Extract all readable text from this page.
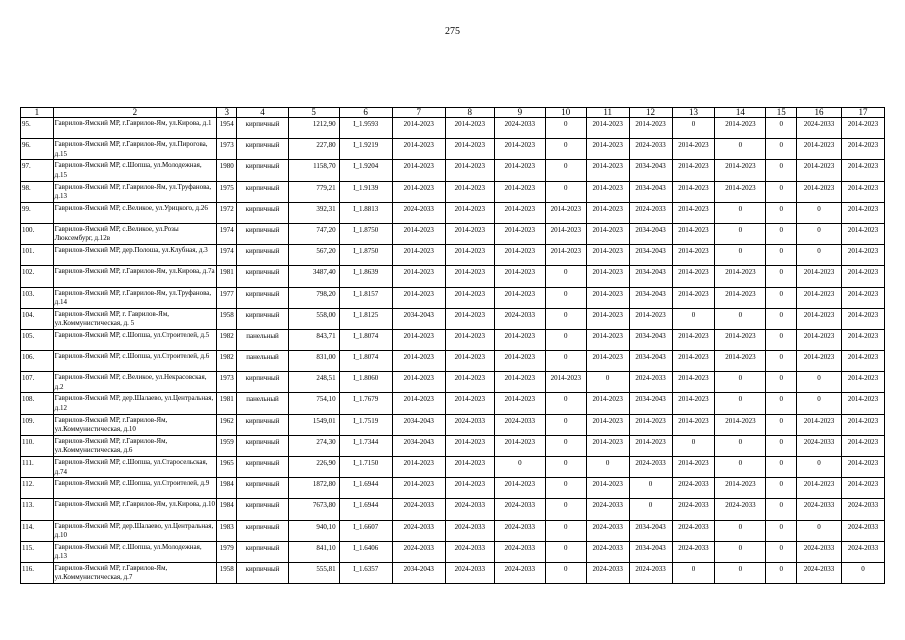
275
1	2	3	4	5	6	7	8	9	10	11	12	13	14	15	16	17
95.	Гаврилов-Ямский МР, г.Гаврилов-Ям, ул.Кирова, д.1	1954	кирпичный	1212,90	I_1.9593	2014-2023	2014-2023	2024-2033	0	2014-2023	2014-2023	0	2014-2023	0	2024-2033	2014-2023
96.	Гаврилов-Ямский МР, г.Гаврилов-Ям, ул.Пирогова, д.15	1973	кирпичный	227,80	I_1.9219	2014-2023	2014-2023	2014-2023	0	2014-2023	2024-2033	2014-2023	0	0	2014-2023	2014-2023
97.	Гаврилов-Ямский МР, с.Шопша, ул.Молодежная, д.15	1980	кирпичный	1158,70	I_1.9204	2014-2023	2014-2023	2014-2023	0	2014-2023	2034-2043	2014-2023	2014-2023	0	2014-2023	2014-2023
98.	Гаврилов-Ямский МР, г.Гаврилов-Ям, ул.Труфанова, д.13	1975	кирпичный	779,21	I_1.9139	2014-2023	2014-2023	2014-2023	0	2014-2023	2034-2043	2014-2023	2014-2023	0	2014-2023	2014-2023
99.	Гаврилов-Ямский МР, с.Великое, ул.Урицкого, д.26	1972	кирпичный	392,31	I_1.8813	2024-2033	2014-2023	2014-2023	2014-2023	2014-2023	2024-2033	2014-2023	0	0	0	2014-2023
100.	Гаврилов-Ямский МР, с.Великое, ул.Розы Люксембург, д.12в	1974	кирпичный	747,20	I_1.8750	2014-2023	2014-2023	2014-2023	2014-2023	2014-2023	2034-2043	2014-2023	0	0	0	2014-2023
101.	Гаврилов-Ямский МР, дер.Полоша, ул.Клубная, д.3	1974	кирпичный	567,20	I_1.8750	2014-2023	2014-2023	2014-2023	2014-2023	2014-2023	2034-2043	2014-2023	0	0	0	2014-2023
102.	Гаврилов-Ямский МР, г.Гаврилов-Ям, ул.Кирова, д.7а	1981	кирпичный	3487,40	I_1.8639	2014-2023	2014-2023	2014-2023	0	2014-2023	2034-2043	2014-2023	2014-2023	0	2014-2023	2014-2023
103.	Гаврилов-Ямский МР, г.Гаврилов-Ям, ул.Труфанова, д.14	1977	кирпичный	798,20	I_1.8157	2014-2023	2014-2023	2014-2023	0	2014-2023	2034-2043	2014-2023	2014-2023	0	2014-2023	2014-2023
104.	Гаврилов-Ямский МР, г. Гаврилов-Ям, ул.Коммунистическая, д. 5	1958	кирпичный	558,00	I_1.8125	2034-2043	2014-2023	2024-2033	0	2014-2023	2014-2023	0	0	0	2014-2023	2014-2023
105.	Гаврилов-Ямский МР, с.Шопша, ул.Строителей, д.5	1982	панельный	843,71	I_1.8074	2014-2023	2014-2023	2014-2023	0	2014-2023	2034-2043	2014-2023	2014-2023	0	2014-2023	2014-2023
106.	Гаврилов-Ямский МР, с.Шопша, ул.Строителей, д.6	1982	панельный	831,00	I_1.8074	2014-2023	2014-2023	2014-2023	0	2014-2023	2034-2043	2014-2023	2014-2023	0	2014-2023	2014-2023
107.	Гаврилов-Ямский МР, с.Великое, ул.Некрасовская, д.2	1973	кирпичный	248,51	I_1.8060	2014-2023	2014-2023	2014-2023	2014-2023	0	2024-2033	2014-2023	0	0	0	2014-2023
108.	Гаврилов-Ямский МР, дер.Шалаево, ул.Центральная, д.12	1981	панельный	754,10	I_1.7679	2014-2023	2014-2023	2014-2023	0	2014-2023	2034-2043	2014-2023	0	0	0	2014-2023
109.	Гаврилов-Ямский МР, г.Гаврилов-Ям, ул.Коммунистическая, д.10	1962	кирпичный	1549,01	I_1.7519	2034-2043	2024-2033	2024-2033	0	2014-2023	2014-2023	2014-2023	2014-2023	0	2014-2023	2014-2023
110.	Гаврилов-Ямский МР, г.Гаврилов-Ям, ул.Коммунистическая, д.6	1959	кирпичный	274,30	I_1.7344	2034-2043	2014-2023	2014-2023	0	2014-2023	2014-2023	0	0	0	2024-2033	2014-2023
111.	Гаврилов-Ямский МР, с.Шопша, ул.Старосельская, д.74	1965	кирпичный	226,90	I_1.7150	2014-2023	2014-2023	0	0	0	2024-2033	2014-2023	0	0	0	2014-2023
112.	Гаврилов-Ямский МР, с.Шопша, ул.Строителей, д.9	1984	кирпичный	1872,80	I_1.6944	2014-2023	2014-2023	2014-2023	0	2014-2023	0	2024-2033	2014-2023	0	2014-2023	2014-2023
113.	Гаврилов-Ямский МР, г.Гаврилов-Ям, ул.Кирова, д.10	1984	кирпичный	7673,80	I_1.6944	2024-2033	2024-2033	2024-2033	0	2024-2033	0	2024-2033	2024-2033	0	2024-2033	2024-2033
114.	Гаврилов-Ямский МР, дер.Шалаево, ул.Центральная, д.10	1983	кирпичный	940,10	I_1.6607	2024-2033	2024-2033	2024-2033	0	2024-2033	2034-2043	2024-2033	0	0	0	2024-2033
115.	Гаврилов-Ямский МР, с.Шопша, ул.Молодежная, д.13	1979	кирпичный	841,10	I_1.6406	2024-2033	2024-2033	2024-2033	0	2024-2033	2034-2043	2024-2033	0	0	2024-2033	2024-2033
116.	Гаврилов-Ямский МР, г.Гаврилов-Ям, ул.Коммунистическая, д.7	1958	кирпичный	555,81	I_1.6357	2034-2043	2024-2033	2024-2033	0	2024-2033	2024-2033	0	0	0	2024-2033	0
